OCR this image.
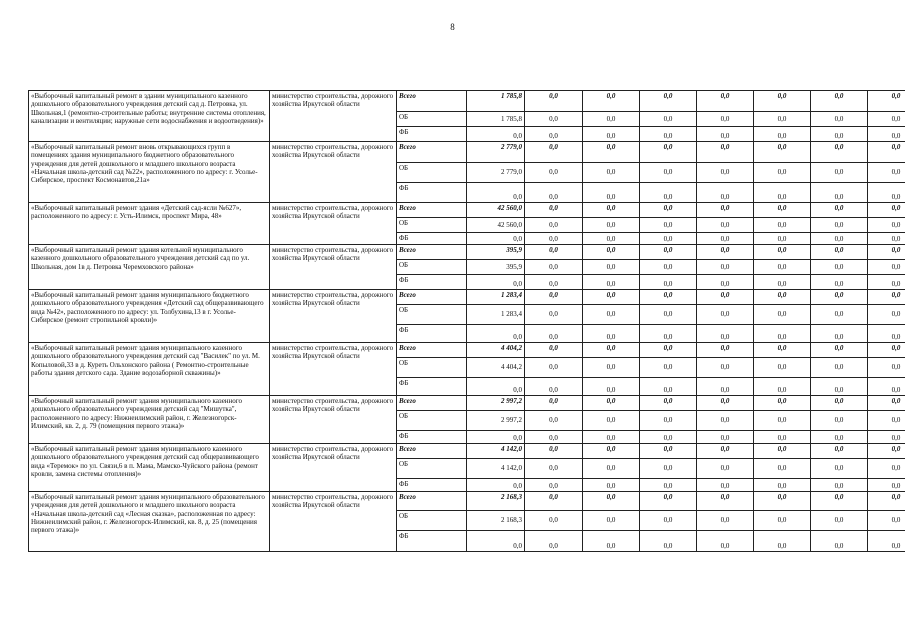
8
«Выборочный капитальный ремонт в здании муниципального казенного дошкольного образовательного учреждения детский сад д. Петровка, ул. Школьная,1 (ремонтно-строительные работы; внутренние системы отопления, канализации и вентиляции; наружные сети водоснабжения и водоотведения)»	министерство строительства, дорожного хозяйства Иркутской области	Всего	1 785,8	0,0	0,0	0,0	0,0	0,0	0,0	0,0
		ОБ	1 785,8	0,0	0,0	0,0	0,0	0,0	0,0	0,0
		ФБ	0,0	0,0	0,0	0,0	0,0	0,0	0,0	0,0
«Выборочный капитальный ремонт вновь открывающихся групп в помещениях здания муниципального бюджетного образовательного учреждения для детей дошкольного и младшего школьного возраста «Начальная школа-детский сад №22», расположенного по адресу: г. Усолье-Сибирское, проспект Космонавтов,21а»	министерство строительства, дорожного хозяйства Иркутской области	Всего	2 779,0	0,0	0,0	0,0	0,0	0,0	0,0	0,0
		ОБ	2 779,0	0,0	0,0	0,0	0,0	0,0	0,0	0,0
		ФБ	0,0	0,0	0,0	0,0	0,0	0,0	0,0	0,0
«Выборочный капитальный ремонт здания «Детский сад-ясли №627», расположенного по адресу: г. Усть-Илимск, проспект Мира, 48»	министерство строительства, дорожного хозяйства Иркутской области	Всего	42 560,0	0,0	0,0	0,0	0,0	0,0	0,0	0,0
		ОБ	42 560,0	0,0	0,0	0,0	0,0	0,0	0,0	0,0
		ФБ	0,0	0,0	0,0	0,0	0,0	0,0	0,0	0,0
«Выборочный капитальный ремонт здания котельной муниципального казенного дошкольного образовательного учреждения детский сад по ул. Школьная, дом 1в д. Петровка Черемховского района»	министерство строительства, дорожного хозяйства Иркутской области	Всего	395,9	0,0	0,0	0,0	0,0	0,0	0,0	0,0
		ОБ	395,9	0,0	0,0	0,0	0,0	0,0	0,0	0,0
		ФБ	0,0	0,0	0,0	0,0	0,0	0,0	0,0	0,0
«Выборочный капитальный ремонт здания муниципального бюджетного дошкольного образовательного учреждения «Детский сад общеразвивающего вида №42», расположенного по адресу: ул. Толбухина,13 в г. Усолье-Сибирское (ремонт стропильной кровли)»	министерство строительства, дорожного хозяйства Иркутской области	Всего	1 283,4	0,0	0,0	0,0	0,0	0,0	0,0	0,0
		ОБ	1 283,4	0,0	0,0	0,0	0,0	0,0	0,0	0,0
		ФБ	0,0	0,0	0,0	0,0	0,0	0,0	0,0	0,0
«Выборочный капитальный ремонт здания муниципального казенного дошкольного образовательного учреждения детский сад "Василек" по ул. М. Копыловой,33 в д. Куреть Ольхонского района ( Ремонтно-строительные работы здания детского сада. Здание водозаборной скважины)»	министерство строительства, дорожного хозяйства Иркутской области	Всего	4 404,2	0,0	0,0	0,0	0,0	0,0	0,0	0,0
		ОБ	4 404,2	0,0	0,0	0,0	0,0	0,0	0,0	0,0
		ФБ	0,0	0,0	0,0	0,0	0,0	0,0	0,0	0,0
«Выборочный капитальный ремонт здания муниципального казенного дошкольного образовательного учреждения детский сад "Мишутка", расположенного по адресу: Нижнеилимский район, г. Железногорск-Илимский, кв. 2, д. 79 (помещения первого этажа)»	министерство строительства, дорожного хозяйства Иркутской области	Всего	2 997,2	0,0	0,0	0,0	0,0	0,0	0,0	0,0
		ОБ	2 997,2	0,0	0,0	0,0	0,0	0,0	0,0	0,0
		ФБ	0,0	0,0	0,0	0,0	0,0	0,0	0,0	0,0
«Выборочный капитальный ремонт здания муниципального казенного дошкольного образовательного учреждения детский сад общеразвивающего вида «Теремок» по ул. Связи,6 в п. Мама, Мамско-Чуйского района (ремонт кровли, замена системы отопления)»	министерство строительства, дорожного хозяйства Иркутской области	Всего	4 142,0	0,0	0,0	0,0	0,0	0,0	0,0	0,0
		ОБ	4 142,0	0,0	0,0	0,0	0,0	0,0	0,0	0,0
		ФБ	0,0	0,0	0,0	0,0	0,0	0,0	0,0	0,0
«Выборочный капитальный ремонт здания муниципального образовательного учреждения для детей дошкольного и младшего школьного возраста «Начальная школа-детский сад «Лесная сказка», расположенная по адресу: Нижнеилимский район, г. Железногорск-Илимский, кв. 8, д. 25 (помещения первого этажа)»	министерство строительства, дорожного хозяйства Иркутской области	Всего	2 168,3	0,0	0,0	0,0	0,0	0,0	0,0	0,0
		ОБ	2 168,3	0,0	0,0	0,0	0,0	0,0	0,0	0,0
		ФБ	0,0	0,0	0,0	0,0	0,0	0,0	0,0	0,0
